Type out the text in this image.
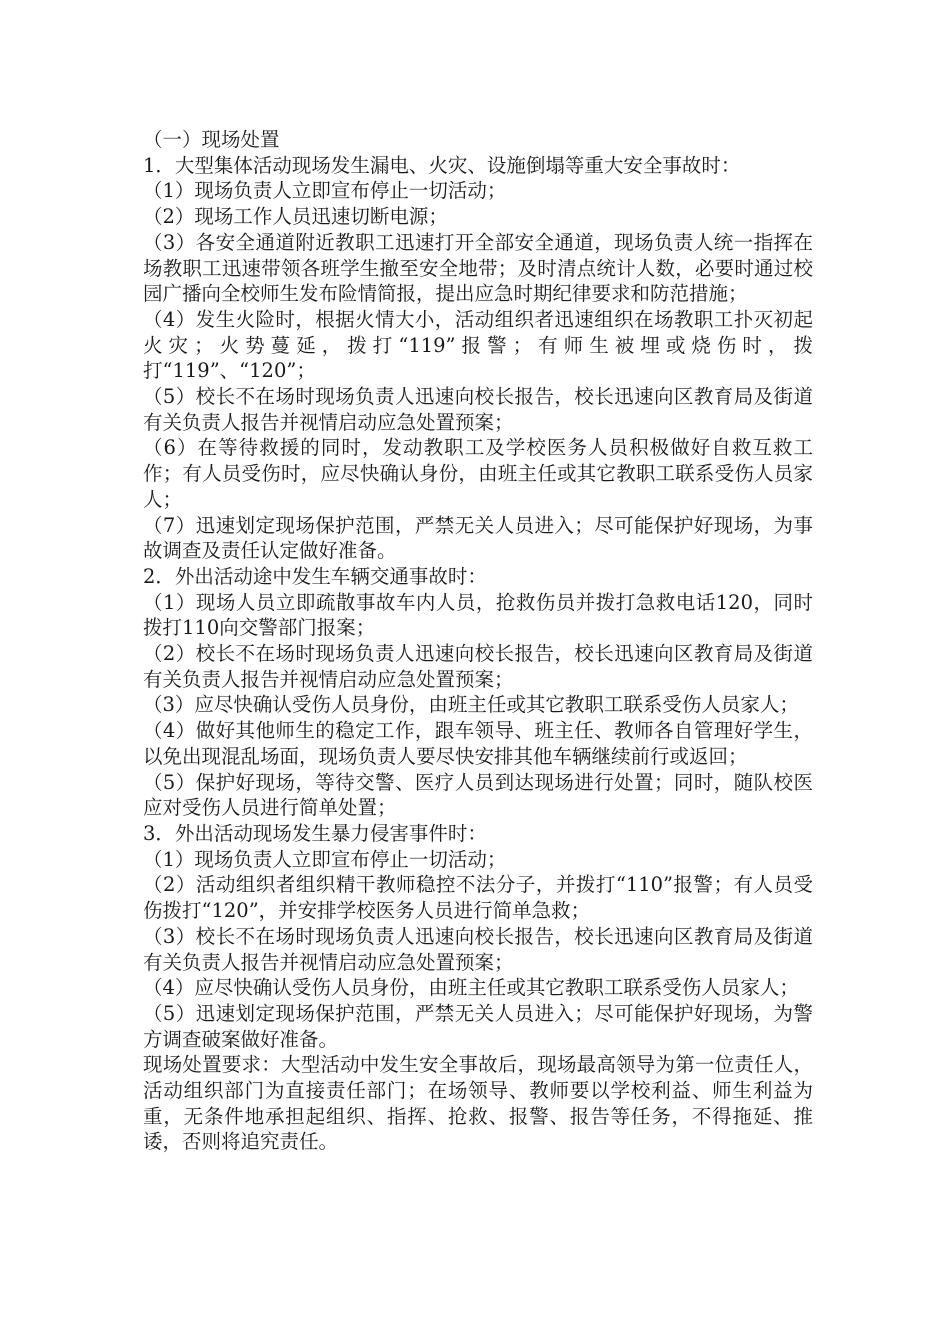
（一）现场处置

1．大型集体活动现场发生漏电、火灾、设施倒塌等重大安全事故时：

（1）现场负责人立即宣布停止一切活动；

（2）现场工作人员迅速切断电源；

（3）各安全通道附近教职工迅速打开全部安全通道，现场负责人统一指挥在场教职工迅速带领各班学生撤至安全地带；及时清点统计人数，必要时通过校园广播向全校师生发布险情简报，提出应急时期纪律要求和防范措施；

（4）发生火险时，根据火情大小，活动组织者迅速组织在场教职工扑灭初起火灾；火势蔓延，拨打“119”报警；有师生被埋或烧伤时，拨打“119”、“120”；

（5）校长不在场时现场负责人迅速向校长报告，校长迅速向区教育局及街道有关负责人报告并视情启动应急处置预案；

（6）在等待救援的同时，发动教职工及学校医务人员积极做好自救互救工作；有人员受伤时，应尽快确认身份，由班主任或其它教职工联系受伤人员家人；

（7）迅速划定现场保护范围，严禁无关人员进入；尽可能保护好现场，为事故调查及责任认定做好准备。

2．外出活动途中发生车辆交通事故时：

（1）现场人员立即疏散事故车内人员，抢救伤员并拨打急救电话120，同时拨打110向交警部门报案；

（2）校长不在场时现场负责人迅速向校长报告，校长迅速向区教育局及街道有关负责人报告并视情启动应急处置预案；

（3）应尽快确认受伤人员身份，由班主任或其它教职工联系受伤人员家人；

（4）做好其他师生的稳定工作，跟车领导、班主任、教师各自管理好学生，以免出现混乱场面，现场负责人要尽快安排其他车辆继续前行或返回；

（5）保护好现场，等待交警、医疗人员到达现场进行处置；同时，随队校医应对受伤人员进行简单处置；

3．外出活动现场发生暴力侵害事件时：

（1）现场负责人立即宣布停止一切活动；

（2）活动组织者组织精干教师稳控不法分子，并拨打“110”报警；有人员受伤拨打“120”，并安排学校医务人员进行简单急救；

（3）校长不在场时现场负责人迅速向校长报告，校长迅速向区教育局及街道有关负责人报告并视情启动应急处置预案；

（4）应尽快确认受伤人员身份，由班主任或其它教职工联系受伤人员家人；

（5）迅速划定现场保护范围，严禁无关人员进入；尽可能保护好现场，为警方调查破案做好准备。

现场处置要求：大型活动中发生安全事故后，现场最高领导为第一位责任人，活动组织部门为直接责任部门；在场领导、教师要以学校利益、师生利益为重，无条件地承担起组织、指挥、抢救、报警、报告等任务，不得拖延、推诿，否则将追究责任。
